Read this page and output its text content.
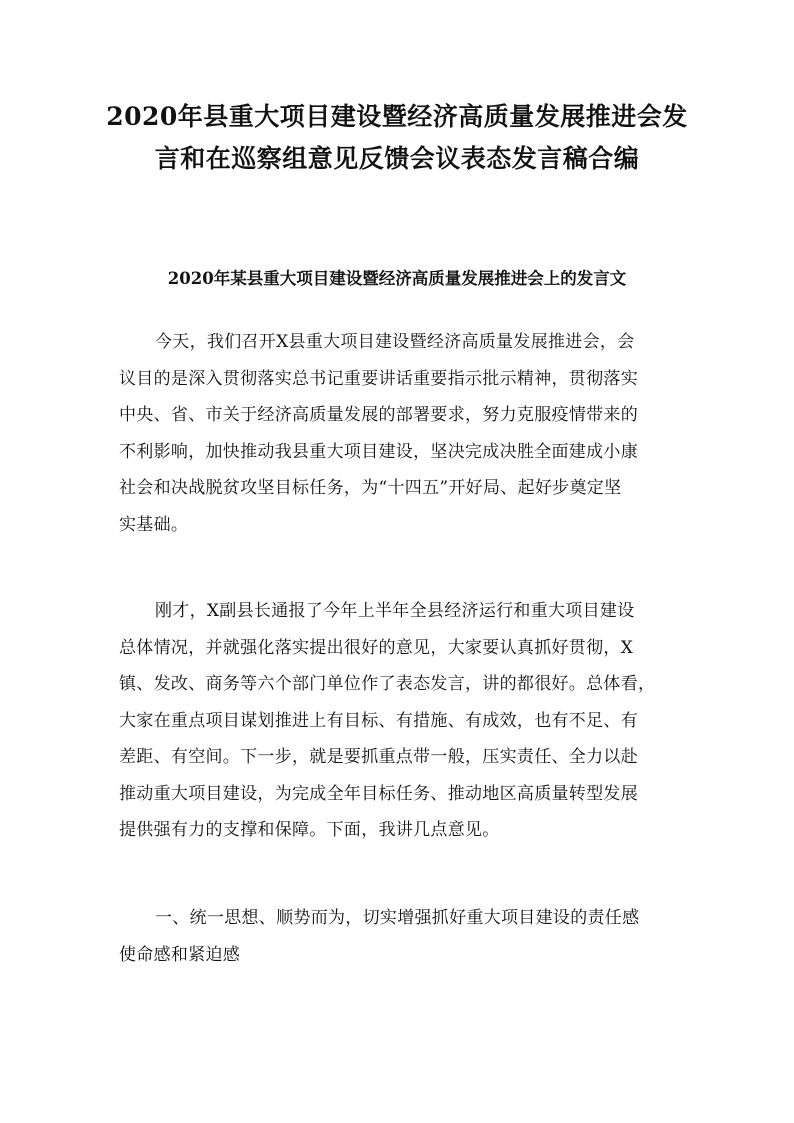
2020年县重大项目建设暨经济高质量发展推进会发
言和在巡察组意见反馈会议表态发言稿合编
2020年某县重大项目建设暨经济高质量发展推进会上的发言文
今天，我们召开X县重大项目建设暨经济高质量发展推进会，会
议目的是深入贯彻落实总书记重要讲话重要指示批示精神，贯彻落实
中央、省、市关于经济高质量发展的部署要求，努力克服疫情带来的
不利影响，加快推动我县重大项目建设，坚决完成决胜全面建成小康
社会和决战脱贫攻坚目标任务，为“十四五”开好局、起好步奠定坚
实基础。
刚才，X副县长通报了今年上半年全县经济运行和重大项目建设
总体情况，并就强化落实提出很好的意见，大家要认真抓好贯彻，X
镇、发改、商务等六个部门单位作了表态发言，讲的都很好。总体看，
大家在重点项目谋划推进上有目标、有措施、有成效，也有不足、有
差距、有空间。下一步，就是要抓重点带一般，压实责任、全力以赴
推动重大项目建设，为完成全年目标任务、推动地区高质量转型发展
提供强有力的支撑和保障。下面，我讲几点意见。
一、统一思想、顺势而为，切实增强抓好重大项目建设的责任感
使命感和紧迫感
